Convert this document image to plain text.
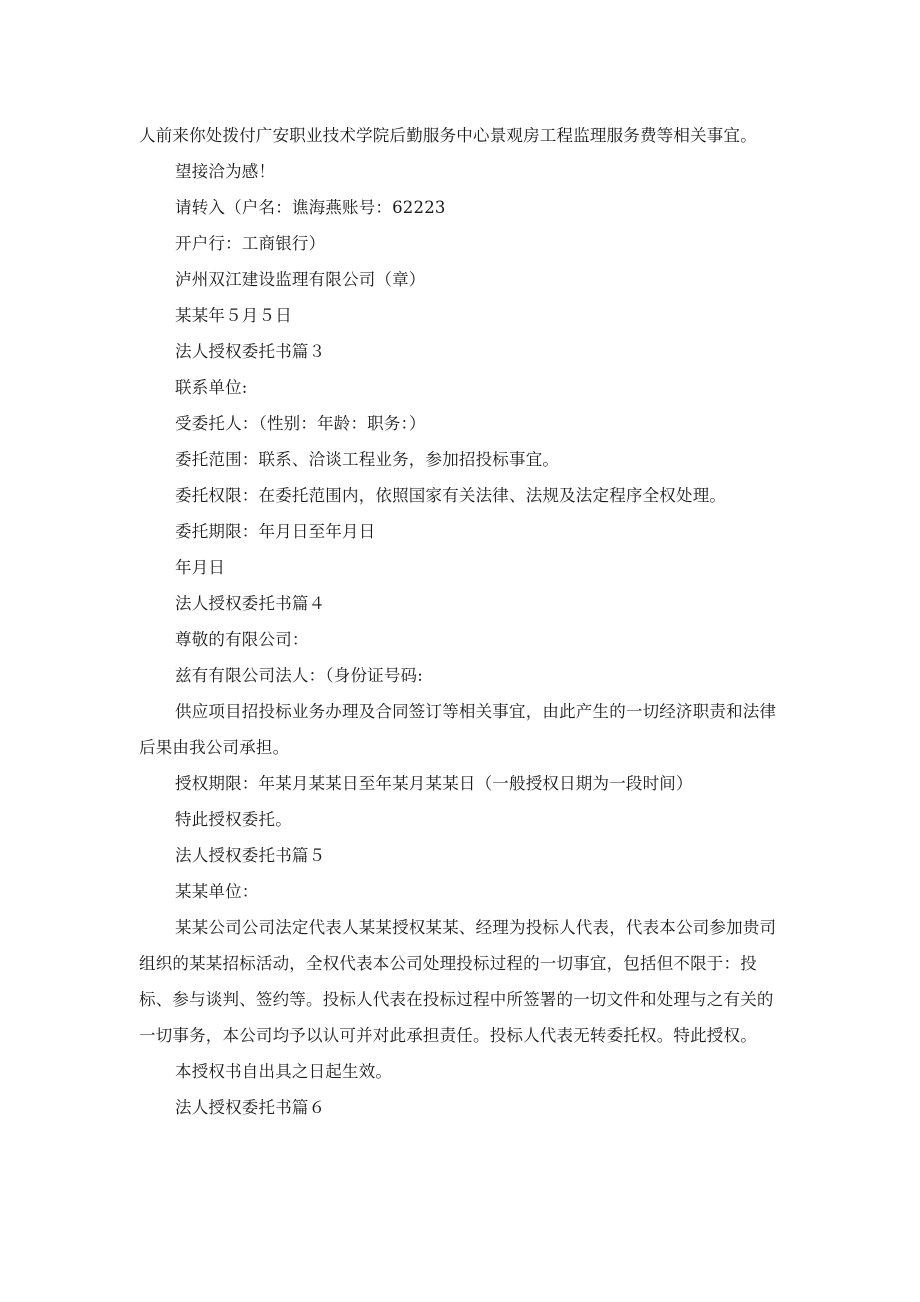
人前来你处拨付广安职业技术学院后勤服务中心景观房工程监理服务费等相关事宜。

望接洽为感！

请转入（户名：谯海燕账号：62223

开户行：工商银行）

泸州双江建设监理有限公司（章）

某某年５月５日

法人授权委托书篇３

联系单位:

受委托人：（性别：年龄：职务：）

委托范围：联系、洽谈工程业务，参加招投标事宜。

委托权限：在委托范围内，依照国家有关法律、法规及法定程序全权处理。

委托期限：年月日至年月日

年月日

法人授权委托书篇４

尊敬的有限公司：

兹有有限公司法人：（身份证号码:

供应项目招投标业务办理及合同签订等相关事宜，由此产生的一切经济职责和法律后果由我公司承担。

授权期限：年某月某某日至年某月某某日（一般授权日期为一段时间）

特此授权委托。

法人授权委托书篇５

某某单位：

某某公司公司法定代表人某某授权某某、经理为投标人代表，代表本公司参加贵司组织的某某招标活动，全权代表本公司处理投标过程的一切事宜，包括但不限于：投标、参与谈判、签约等。投标人代表在投标过程中所签署的一切文件和处理与之有关的一切事务，本公司均予以认可并对此承担责任。投标人代表无转委托权。特此授权。

本授权书自出具之日起生效。

法人授权委托书篇６
